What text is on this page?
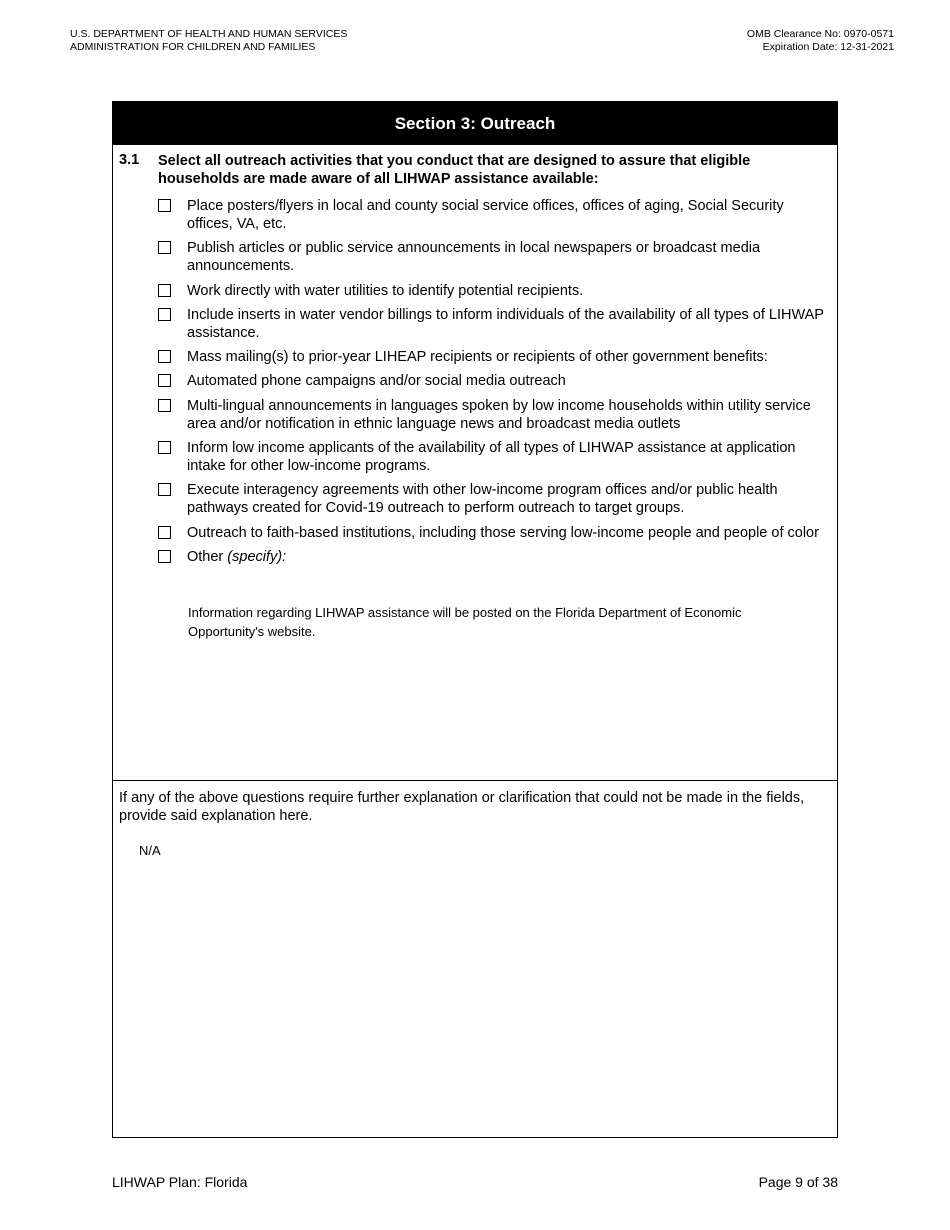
U.S. DEPARTMENT OF HEALTH AND HUMAN SERVICES
ADMINISTRATION FOR CHILDREN AND FAMILIES
OMB Clearance No: 0970-0571
Expiration Date: 12-31-2021
Section 3: Outreach
3.1 Select all outreach activities that you conduct that are designed to assure that eligible households are made aware of all LIHWAP assistance available:
Place posters/flyers in local and county social service offices, offices of aging, Social Security offices, VA, etc.
Publish articles or public service announcements in local newspapers or broadcast media announcements.
Work directly with water utilities to identify potential recipients.
Include inserts in water vendor billings to inform individuals of the availability of all types of LIHWAP assistance.
Mass mailing(s) to prior-year LIHEAP recipients or recipients of other government benefits:
Automated phone campaigns and/or social media outreach
Multi-lingual announcements in languages spoken by low income households within utility service area and/or notification in ethnic language news and broadcast media outlets
Inform low income applicants of the availability of all types of LIHWAP assistance at application intake for other low-income programs.
Execute interagency agreements with other low-income program offices and/or public health pathways created for Covid-19 outreach to perform outreach to target groups.
Outreach to faith-based institutions, including those serving low-income people and people of color
Other (specify):
Information regarding LIHWAP assistance will be posted on the Florida Department of Economic Opportunity's website.
If any of the above questions require further explanation or clarification that could not be made in the fields, provide said explanation here.
N/A
LIHWAP Plan: Florida	Page 9 of 38
